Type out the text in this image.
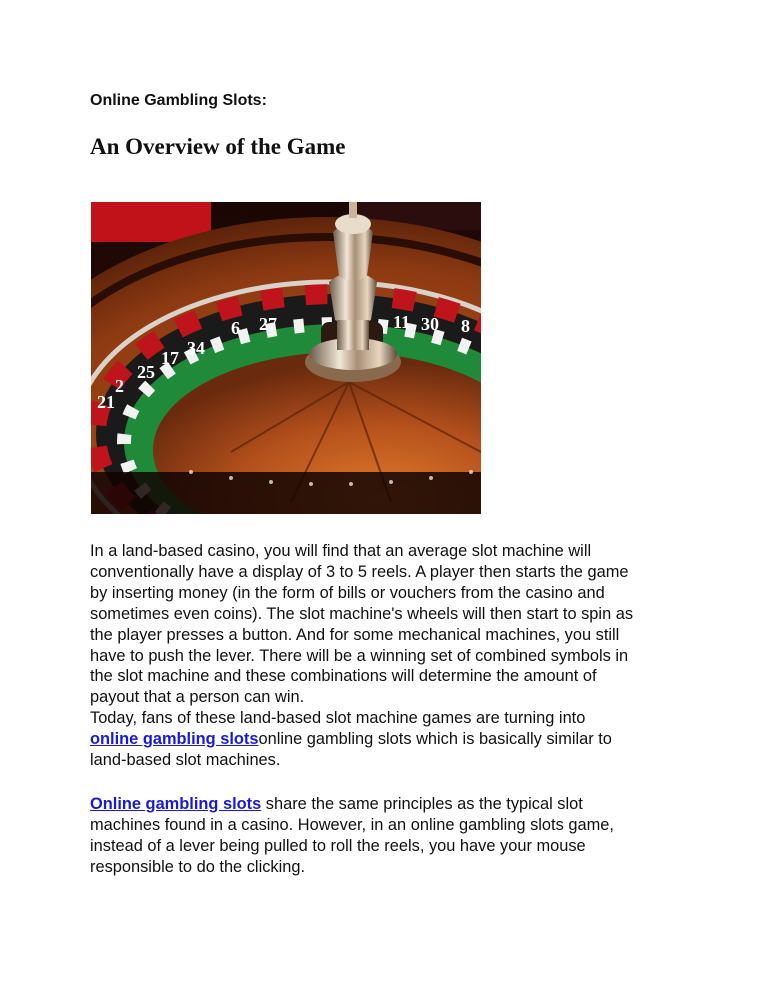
Online Gambling Slots:
An Overview of the Game
6 27	11 30 8
34
17
25
2
21
In a land-based casino, you will find that an average slot machine will
conventionally have a display of 3 to 5 reels. A player then starts the game
by inserting money (in the form of bills or vouchers from the casino and
sometimes even coins). The slot machine's wheels will then start to spin as
the player presses a button. And for some mechanical machines, you still
have to push the lever. There will be a winning set of combined symbols in
the slot machine and these combinations will determine the amount of
payout that a person can win.
Today, fans of these land-based slot machine games are turning into
online gambling slotsonline gambling slots which is basically similar to
land-based slot machines.
Online gambling slots share the same principles as the typical slot
machines found in a casino. However, in an online gambling slots game,
instead of a lever being pulled to roll the reels, you have your mouse
responsible to do the clicking.
